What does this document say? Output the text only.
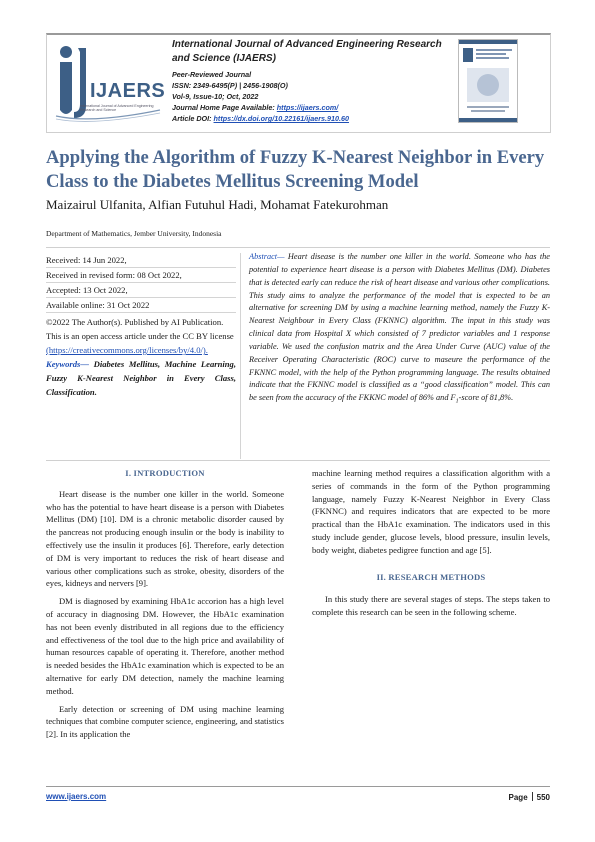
IJAERS
International Journal of Advanced Engineering Research and Science
International Journal of Advanced Engineering Research
and Science (IJAERS)
Peer-Reviewed Journal
ISSN: 2349-6495(P) | 2456-1908(O)
Vol-9, Issue-10; Oct, 2022
Journal Home Page Available: https://ijaers.com/
Article DOI: https://dx.doi.org/10.22161/ijaers.910.60
Applying the Algorithm of Fuzzy K-Nearest Neighbor in Every Class to the Diabetes Mellitus Screening Model
Maizairul Ulfanita, Alfian Futuhul Hadi, Mohamat Fatekurohman
Department of Mathematics, Jember University, Indonesia
Received: 14 Jun 2022,
Received in revised form: 08 Oct 2022,
Accepted: 13 Oct 2022,
Available online: 31 Oct 2022
©2022 The Author(s). Published by AI Publication. This is an open access article under the CC BY license
(https://creativecommons.org/licenses/by/4.0/).
Keywords— Diabetes Mellitus, Machine Learning, Fuzzy K-Nearest Neighbor in Every Class, Classification.
Abstract— Heart disease is the number one killer in the world. Someone who has the potential to experience heart disease is a person with Diabetes Mellitus (DM). Diabetes that is detected early can reduce the risk of heart disease and various other complications. This study aims to analyze the performance of the model that is expected to be an alternative for screening DM by using a machine learning method, namely the Fuzzy K-Nearest Neighbour in Every Class (FKNNC) algorithm. The input in this study was clinical data from Hospital X which consisted of 7 predictor variables and 1 response variable. We used the confusion matrix and the Area Under Curve (AUC) value of the Receiver Operating Characteristic (ROC) curve to maseure the performance of the FKNNC model, with the help of the Python programming language. The results obtained indicate that the FKNNC model is classified as a “good classification” model. This can be seen from the accuracy of the FKKNC model of 86% and $F_1$-score of 81,8%.

I. INTRODUCTION

Heart disease is the number one killer in the world. Someone who has the potential to have heart disease is a person with Diabetes Mellitus (DM) [10]. DM is a chronic metabolic disorder caused by the pancreas not producing enough insulin or the body is inability to effectively use the insulin it produces [6]. Therefore, early detection of DM is very important to reduces the risk of heart disease and various other complications such as stroke, obesity, disorders of the eyes, kidneys and nervers [9].

DM is diagnosed by examining HbA1c accorion has a high level of accuracy in diagnosing DM. However, the HbA1c examination has not been evenly distributed in all regions due to the efficiency and effectiveness of the tool due to the high price and availability of human resources capable of operating it. Therefore, another method is needed besides the HbA1c examination which is expected to be an alternative for early DM detection, namely the machine learning method.

Early detection or screening of DM using machine learning techniques that combine computer science, engineering, and statistics [2]. In its application the

machine learning method requires a classification algorithm with a series of commands in the form of the Python programming language, namely Fuzzy K-Nearest Neighbor in Every Class (FKNNC) and requires indicators that are expected to be more practical than the HbA1c examination. The indicators used in this study include gender, glucose levels, blood pressure, insulin levels, body weight, diabetes pedigree function and age [5].

II. RESEARCH METHODS

In this study there are several stages of steps. The steps taken to complete this research can be seen in the following scheme.

www.ijaers.com	Page 550
